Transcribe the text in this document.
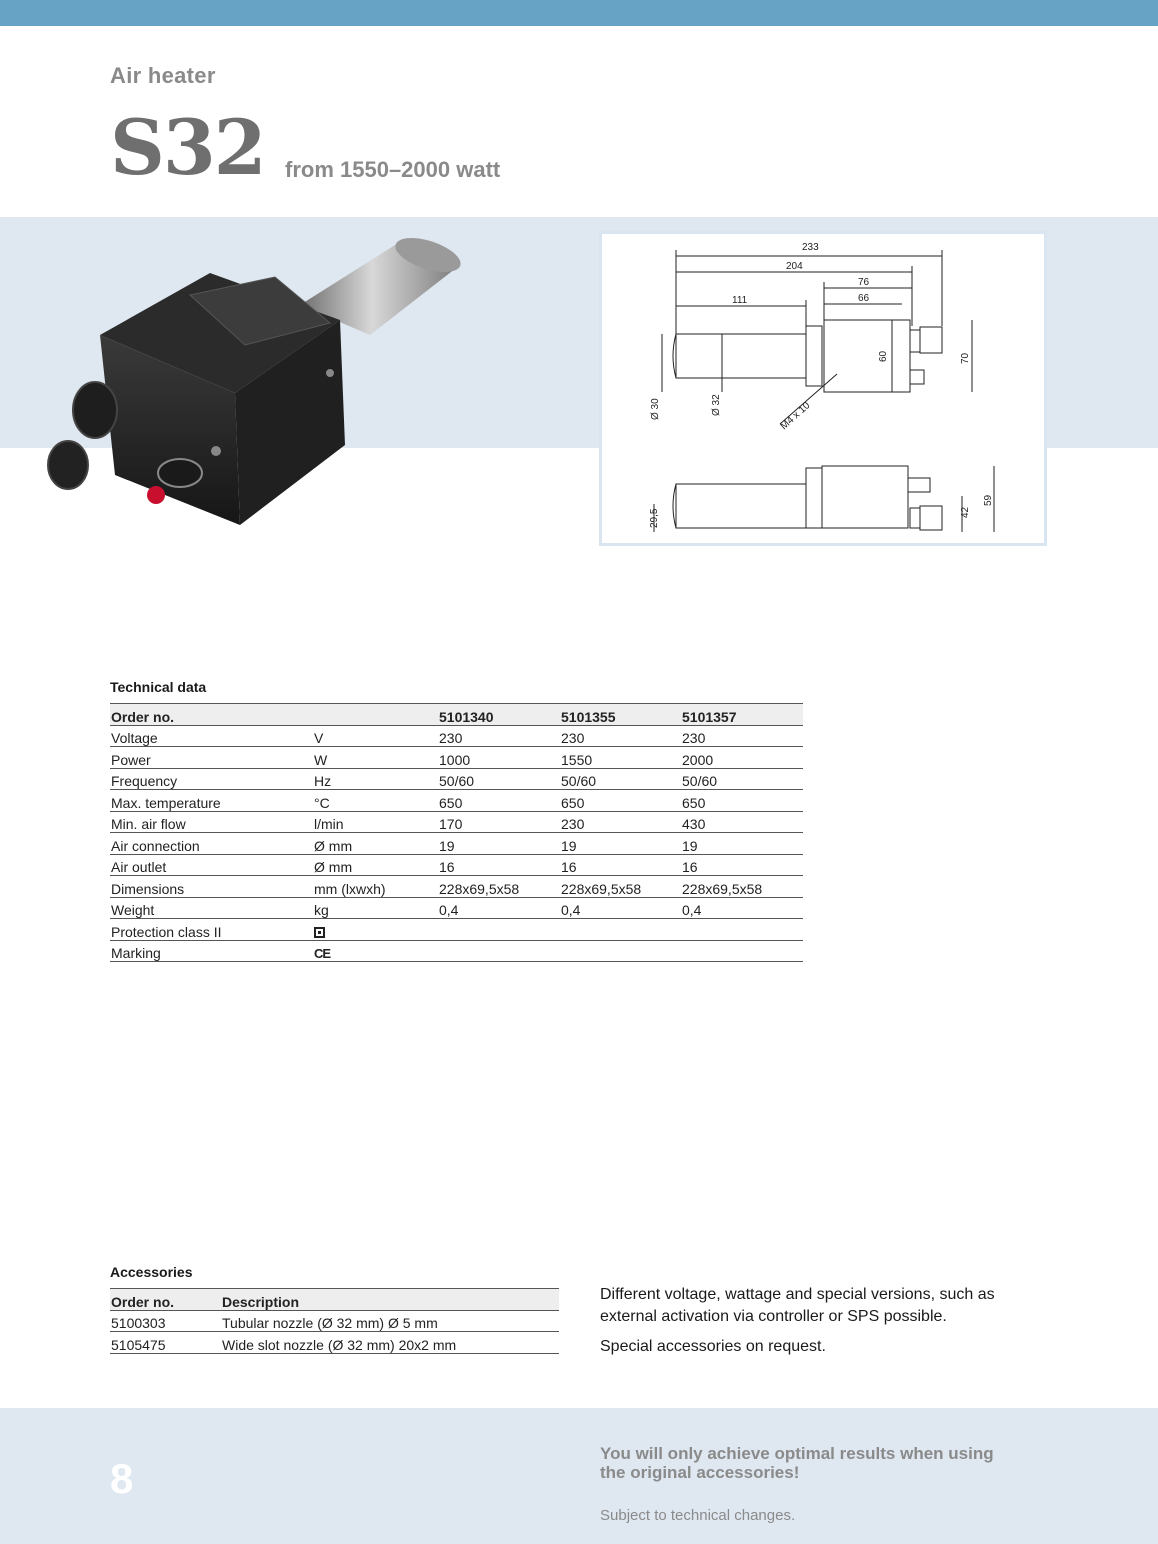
Air heater
S32 from 1550–2000 watt
233
204
76
66
111
60	70
Ø 30	Ø 32	M4 x 10
29,5	42
59
Technical data
Order no.		5101340	5101355	5101357
Voltage	V	230	230	230
Power	W	1000	1550	2000
Frequency	Hz	50/60	50/60	50/60
Max. temperature	°C	650	650	650
Min. air flow	l/min	170	230	430
Air connection	Ø mm	19	19	19
Air outlet	Ø mm	16	16	16
Dimensions	mm (lxwxh)	228x69,5x58	228x69,5x58	228x69,5x58
Weight	kg	0,4	0,4	0,4
Protection class II				
Marking	CE			
Accessories
Order no.	Description
5100303	Tubular nozzle (Ø 32 mm) Ø 5 mm
5105475	Wide slot nozzle (Ø 32 mm) 20x2 mm
Different voltage, wattage and special versions, such as external activation via controller or SPS possible.
Special accessories on request.
8
You will only achieve optimal results when using the original accessories!
Subject to technical changes.
